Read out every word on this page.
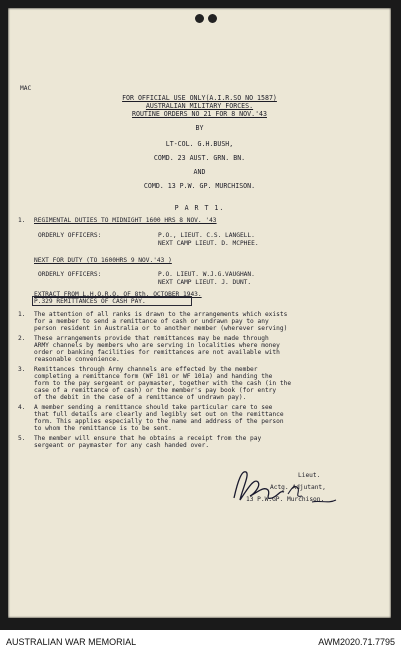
MAC
FOR OFFICIAL USE ONLY(A.I.R.SO NO 1587)
AUSTRALIAN MILITARY FORCES.
ROUTINE ORDERS NO 21 FOR 8 NOV.'43
BY
LT-COL. G.H.BUSH,
COMD. 23 AUST. GRN. BN.
AND
COMD. 13 P.W. GP. MURCHISON.
P A R T 1.
1. REGIMENTAL DUTIES TO MIDNIGHT 1600 HRS 8 NOV. '43
ORDERLY OFFICERS:	P.O., LIEUT. C.S. LANGELL.
NEXT CAMP LIEUT. D. MCPHEE.
NEXT FOR DUTY (TO 1600HRS 9 NOV.'43 )
ORDERLY OFFICERS:	P.O. LIEUT. W.J.G.VAUGHAN.
NEXT CAMP LIEUT. J. DUNT.
EXTRACT FROM L.H.Q.R.O. OF 8th. OCTOBER 1943.
P.329 REMITTANCES OF CASH PAY.
1. The attention of all ranks is drawn to the arrangements which exists
for a member to send a remittance of cash or undrawn pay to any
person resident in Australia or to another member (wherever serving)
2. These arrangements provide that remittances may be made through
ARMY channels by members who are serving in localities where money
order or banking facilities for remittances are not available with
reasonable convenience.
3. Remittances through Army channels are effected by the member
completing a remittance form (WF 101 or WF 101a) and handing the
form to the pay sergeant or paymaster, together with the cash (in the
case of a remittance of cash) or the member's pay book (for entry
of the debit in the case of a remittance of undrawn pay).
4. A member sending a remittance should take particular care to see
that full details are clearly and legibly set out on the remittance
form. This applies especially to the name and address of the person
to whom the remittance is to be sent.
5. The member will ensure that he obtains a receipt from the pay
sergeant or paymaster for any cash handed over.
Lieut.
Actg. Adjutant,
13 P.W.GP. Murchison.
AUSTRALIAN WAR MEMORIAL	AWM2020.71.7795
